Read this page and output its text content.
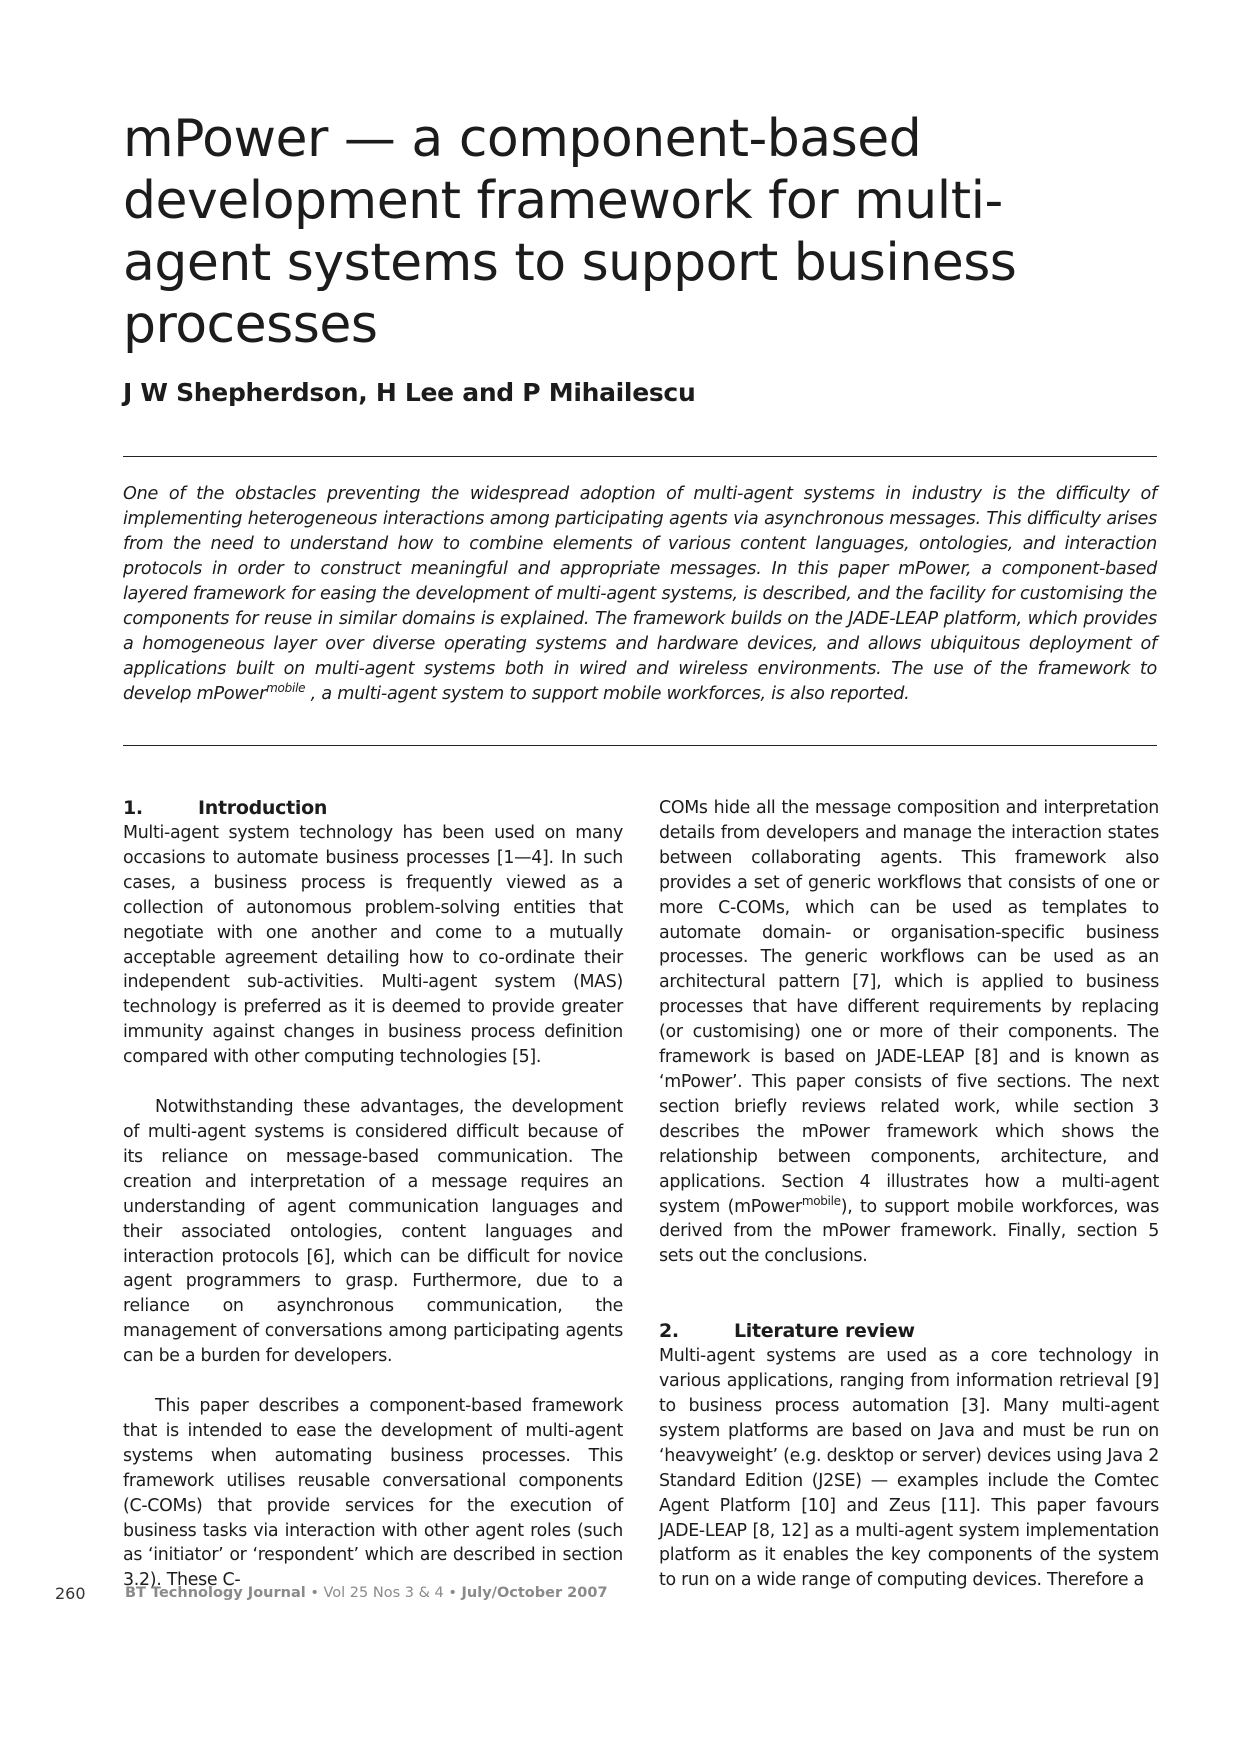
mPower — a component-based development framework for multi-agent systems to support business processes
J W Shepherdson, H Lee and P Mihailescu

One of the obstacles preventing the widespread adoption of multi-agent systems in industry is the difficulty of implementing heterogeneous interactions among participating agents via asynchronous messages. This difficulty arises from the need to understand how to combine elements of various content languages, ontologies, and interaction protocols in order to construct meaningful and appropriate messages. In this paper mPower, a component-based layered framework for easing the development of multi-agent systems, is described, and the facility for customising the components for reuse in similar domains is explained. The framework builds on the JADE-LEAP platform, which provides a homogeneous layer over diverse operating systems and hardware devices, and allows ubiquitous deployment of applications built on multi-agent systems both in wired and wireless environments. The use of the framework to develop mPower$^{mobile}$ , a multi-agent system to support mobile workforces, is also reported.

1.	Introduction

Multi-agent system technology has been used on many occasions to automate business processes [1—4]. In such cases, a business process is frequently viewed as a collection of autonomous problem-solving entities that negotiate with one another and come to a mutually acceptable agreement detailing how to co-ordinate their independent sub-activities. Multi-agent system (MAS) technology is preferred as it is deemed to provide greater immunity against changes in business process definition compared with other computing technologies [5].

Notwithstanding these advantages, the development of multi-agent systems is considered difficult because of its reliance on message-based communication. The creation and interpretation of a message requires an understanding of agent communication languages and their associated ontologies, content languages and interaction protocols [6], which can be difficult for novice agent programmers to grasp. Furthermore, due to a reliance on asynchronous communication, the management of conversations among participating agents can be a burden for developers.

This paper describes a component-based framework that is intended to ease the development of multi-agent systems when automating business processes. This framework utilises reusable conversational components (C-COMs) that provide services for the execution of business tasks via interaction with other agent roles (such as ‘initiator’ or ‘respondent’ which are described in section 3.2). These C-

COMs hide all the message composition and interpretation details from developers and manage the interaction states between collaborating agents. This framework also provides a set of generic workflows that consists of one or more C-COMs, which can be used as templates to automate domain- or organisation-specific business processes. The generic workflows can be used as an architectural pattern [7], which is applied to business processes that have different requirements by replacing (or customising) one or more of their components. The framework is based on JADE-LEAP [8] and is known as ‘mPower’. This paper consists of five sections. The next section briefly reviews related work, while section 3 describes the mPower framework which shows the relationship between components, architecture, and applications. Section 4 illustrates how a multi-agent system (mPower$^{mobile}$), to support mobile workforces, was derived from the mPower framework. Finally, section 5 sets out the conclusions.

2.	Literature review

Multi-agent systems are used as a core technology in various applications, ranging from information retrieval [9] to business process automation [3]. Many multi-agent system platforms are based on Java and must be run on ‘heavyweight’ (e.g. desktop or server) devices using Java 2 Standard Edition (J2SE) — examples include the Comtec Agent Platform [10] and Zeus [11]. This paper favours JADE-LEAP [8, 12] as a multi-agent system implementation platform as it enables the key components of the system to run on a wide range of computing devices. Therefore a

260	BT Technology Journal • Vol 25 Nos 3 & 4 • July/October 2007
